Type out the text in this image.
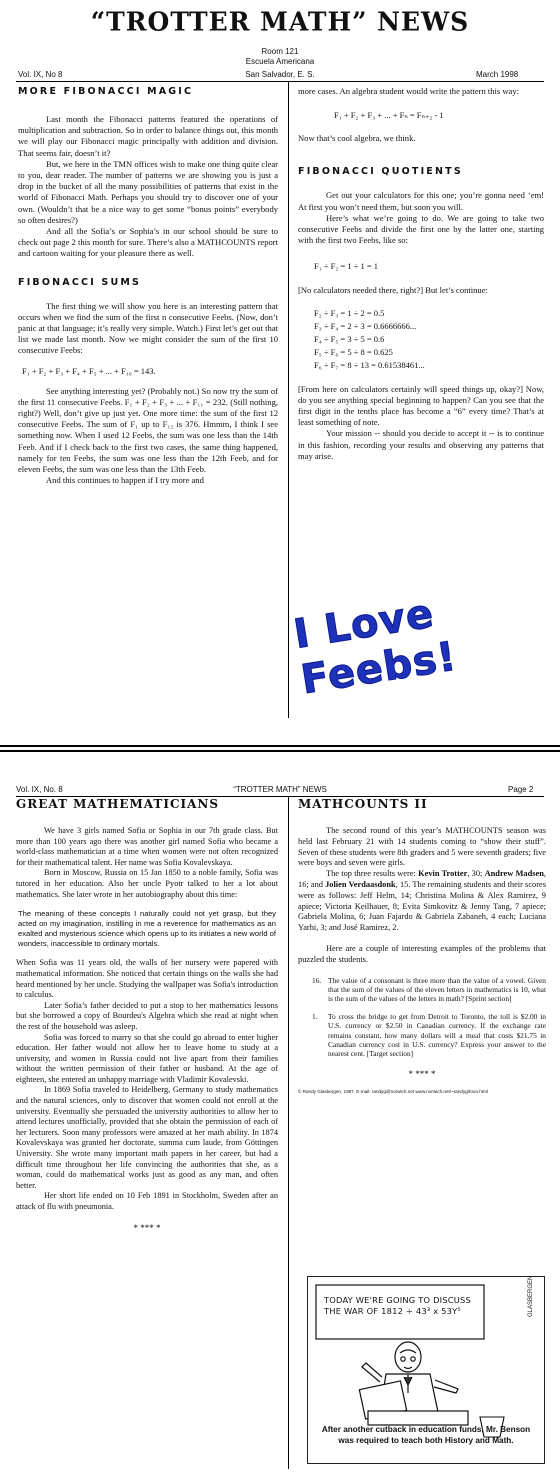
“TROTTER MATH” NEWS
Room 121
Escuela Americana
Vol. IX, No 8	San Salvador, E. S.	March 1998
MORE FIBONACCI MAGIC

Last month the Fibonacci patterns featured the operations of multiplication and subtraction. So in order to balance things out, this month we will play our Fibonacci magic principally with addition and division. That seems fair, doesn’t it?

But, we here in the TMN offices wish to make one thing quite clear to you, dear reader. The number of patterns we are showing you is just a drop in the bucket of all the many possibilities of patterns that exist in the world of Fibonacci Math. Perhaps you should try to discover one of your own. (Wouldn’t that be a nice way to get some “bonus points” everybody so often desires?)

And all the Sofia’s or Sophia’s in our school should be sure to check out page 2 this month for sure. There’s also a MATHCOUNTS report and cartoon waiting for your pleasure there as well.

FIBONACCI SUMS

The first thing we will show you here is an interesting pattern that occurs when we find the sum of the first n consecutive Feebs. (Now, don’t panic at that language; it’s really very simple. Watch.) First let’s get out that list we made last month. Now we might consider the sum of the first 10 consecutive Feebs:

F₁ + F₂ + F₃ + F₄ + F₅ + ... + F₁₀ = 143.

See anything interesting yet? (Probably not.) So now try the sum of the first 11 consecutive Feebs. F₁ + F₂ + F₃ + ... + F₁₁ = 232. (Still nothing, right?) Well, don’t give up just yet. One more time: the sum of the first 12 consecutive Feebs. The sum of F₁ up to F₁₂ is 376. Hmmm, I think I see something now. When I used 12 Feebs, the sum was one less than the 14th Feeb. And if I check back to the first two cases, the same thing happened, namely for ten Feebs, the sum was one less than the 12th Feeb, and for eleven Feebs, the sum was one less than the 13th Feeb.

And this continues to happen if I try more and

more cases. An algebra student would write the pattern this way:

F₁ + F₂ + F₃ + ... + Fₙ = Fₙ₊₂ - 1

Now that’s cool algebra, we think.

FIBONACCI QUOTIENTS

Get out your calculators for this one; you’re gonna need ‘em! At first you won’t need them, but soon you will.

Here’s what we’re going to do. We are going to take two consecutive Feebs and divide the first one by the latter one, starting with the first two Feebs, like so:

F₁ ÷ F₂ = 1 ÷ 1 = 1

[No calculators needed there, right?] But let’s continue:

F₂ ÷ F₃ = 1 ÷ 2 = 0.5
F₃ ÷ F₄ = 2 ÷ 3 = 0.6666666...
F₄ ÷ F₅ = 3 ÷ 5 = 0.6
F₅ ÷ F₆ = 5 ÷ 8 = 0.625
F₆ ÷ F₇ = 8 ÷ 13 = 0.61538461...

[From here on calculators certainly will speed things up, okay?] Now, do you see anything special beginning to happen? Can you see that the first digit in the tenths place has become a “6” every time? That’s at least something of note.

Your mission -- should you decide to accept it -- is to continue in this fashion, recording your results and observing any patterns that may arise.

I Love Feebs!
Vol. IX, No. 8	“TROTTER MATH” NEWS	Page 2
GREAT MATHEMATICIANS

We have 3 girls named Sofia or Sophia in our 7th grade class. But more than 100 years ago there was another girl named Sofia who became a world-class mathematician at a time when women were not often recognized for their mathematical talent. Her name was Sofia Kovalevskaya.

Born in Moscow, Russia on 15 Jan 1850 to a noble family, Sofia was tutored in her education. Also her uncle Pyotr talked to her a lot about mathematics. She later wrote in her autobiography about this time:

The meaning of these concepts I naturally could not yet grasp, but they acted on my imagination, instilling in me a reverence for mathematics as an exalted and mysterious science which opens up to its initiates a new world of wonders, inaccessible to ordinary mortals.

When Sofia was 11 years old, the walls of her nursery were papered with mathematical information. She noticed that certain things on the walls she had heard mentioned by her uncle. Studying the wallpaper was Sofia's introduction to calculus.

Later Sofia’s father decided to put a stop to her mathematics lessons but she borrowed a copy of Bourdeu's Algebra which she read at night when the rest of the household was asleep.

Sofia was forced to marry so that she could go abroad to enter higher education. Her father would not allow her to leave home to study at a university, and women in Russia could not live apart from their families without the written permission of their father or husband. At the age of eighteen, she entered an unhappy marriage with Vladimir Kovalevski.

In 1869 Sofia traveled to Heidelberg, Germany to study mathematics and the natural sciences, only to discover that women could not enroll at the university. Eventually she persuaded the university authorities to allow her to attend lectures unofficially, provided that she obtain the permission of each of her lecturers. Soon many professors were amazed at her math ability. In 1874 Kovalevskaya was granted her doctorate, summa cum laude, from Göttingen University. She wrote many important math papers in her career, but had a difficult time throughout her life convincing the authorities that she, as a woman, could do mathematical works just as good as any man, and often better.

Her short life ended on 10 Feb 1891 in Stockholm, Sweden after an attack of flu with pneumonia.

* *** *
MATHCOUNTS II

The second round of this year’s MATHCOUNTS season was held last February 21 with 14 students coming to “show their stuff”. Seven of these students were 8th graders and 5 were seventh graders; five were boys and seven were girls.

The top three results were: Kevin Trotter, 30; Andrew Madsen, 16; and Jolien Verdaasdonk, 15. The remaining students and their scores were as follows: Jeff Helm, 14; Christina Molina & Alex Ramirez, 9 apiece; Victoria Keilhauer, 8; Evita Simkovitz & Jenny Tang, 7 apiece; Gabriela Molina, 6; Juan Fajardo & Gabriela Zabaneh, 4 each; Luciana Yarhi, 3; and José Ramirez, 2.

Here are a couple of interesting examples of the problems that puzzled the students.

16. The value of a consonant is three more than the value of a vowel. Given that the sum of the values of the eleven letters in mathematics is 10, what is the sum of the values of the letters in math? [Sprint section]

1.	To cross the bridge to get from Detroit to Toronto, the toll is $2.00 in U.S. currency or $2.50 in Canadian currency. If the exchange rate remains constant, how many dollars will a meal that costs $21.75 in Canadian currency cost in U.S. currency? Express your answer to the nearest cent. [Target section]

* *** *
© Randy Glasbergen, 1997. E-mail: randyg@norwich.net www.norwich.net/~randyg/toon.html
TODAY WE'RE GOING TO DISCUSS
THE WAR OF 1812 ÷ 43³ x 53Y⁵	GLASBERGEN
After another cutback in education funds, Mr. Benson was required to teach both History and Math.
